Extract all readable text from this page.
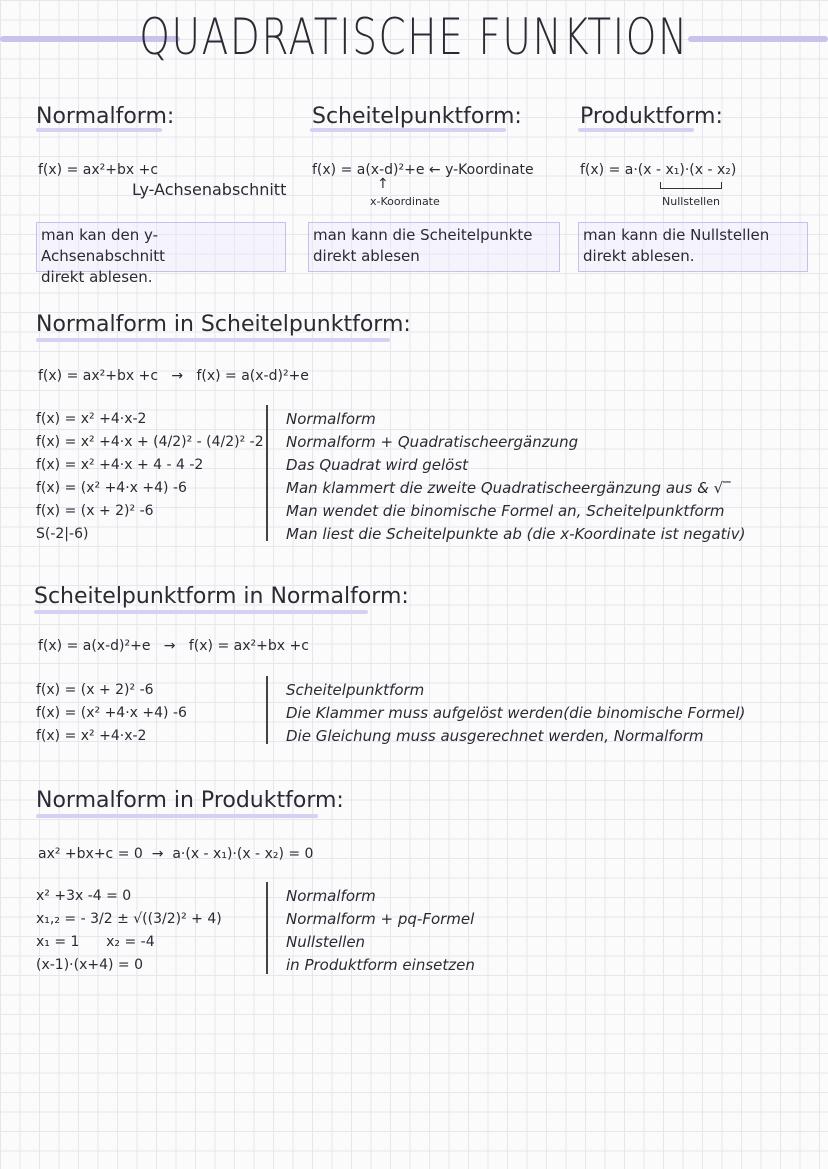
QUADRATISCHE FUNKTION
Normalform:
f(x) = ax²+bx +c
Ly-Achsenabschnitt
man kan den y-Achsenabschnitt
direkt ablesen.
Scheitelpunktform:
f(x) = a(x-d)²+e ← y-Koordinate
↑
x-Koordinate
man kann die Scheitelpunkte
direkt ablesen
Produktform:
f(x) = a·(x - x₁)·(x - x₂)
Nullstellen
man kann die Nullstellen
direkt ablesen.
Normalform in Scheitelpunktform:
f(x) = ax²+bx +c   →   f(x) = a(x-d)²+e
f(x) = x² +4·x-2
f(x) = x² +4·x + (4/2)² - (4/2)² -2
f(x) = x² +4·x + 4 - 4 -2
f(x) = (x² +4·x +4) -6
f(x) = (x + 2)² -6
S(-2|-6)
Normalform
Normalform + Quadratischeergänzung
Das Quadrat wird gelöst
Man klammert die zweite Quadratischeergänzung aus & √‾
Man wendet die binomische Formel an, Scheitelpunktform
Man liest die Scheitelpunkte ab (die x-Koordinate ist negativ)
Scheitelpunktform in Normalform:
f(x) = a(x-d)²+e   →   f(x) = ax²+bx +c
f(x) = (x + 2)² -6
f(x) = (x² +4·x +4) -6
f(x) = x² +4·x-2
Scheitelpunktform
Die Klammer muss aufgelöst werden(die binomische Formel)
Die Gleichung muss ausgerechnet werden, Normalform
Normalform in Produktform:
ax² +bx+c = 0  →  a·(x - x₁)·(x - x₂) = 0
x² +3x -4 = 0
x₁,₂ = - 3/2 ± √((3/2)² + 4)
x₁ = 1      x₂ = -4
(x-1)·(x+4) = 0
Normalform
Normalform + pq-Formel
Nullstellen
in Produktform einsetzen
